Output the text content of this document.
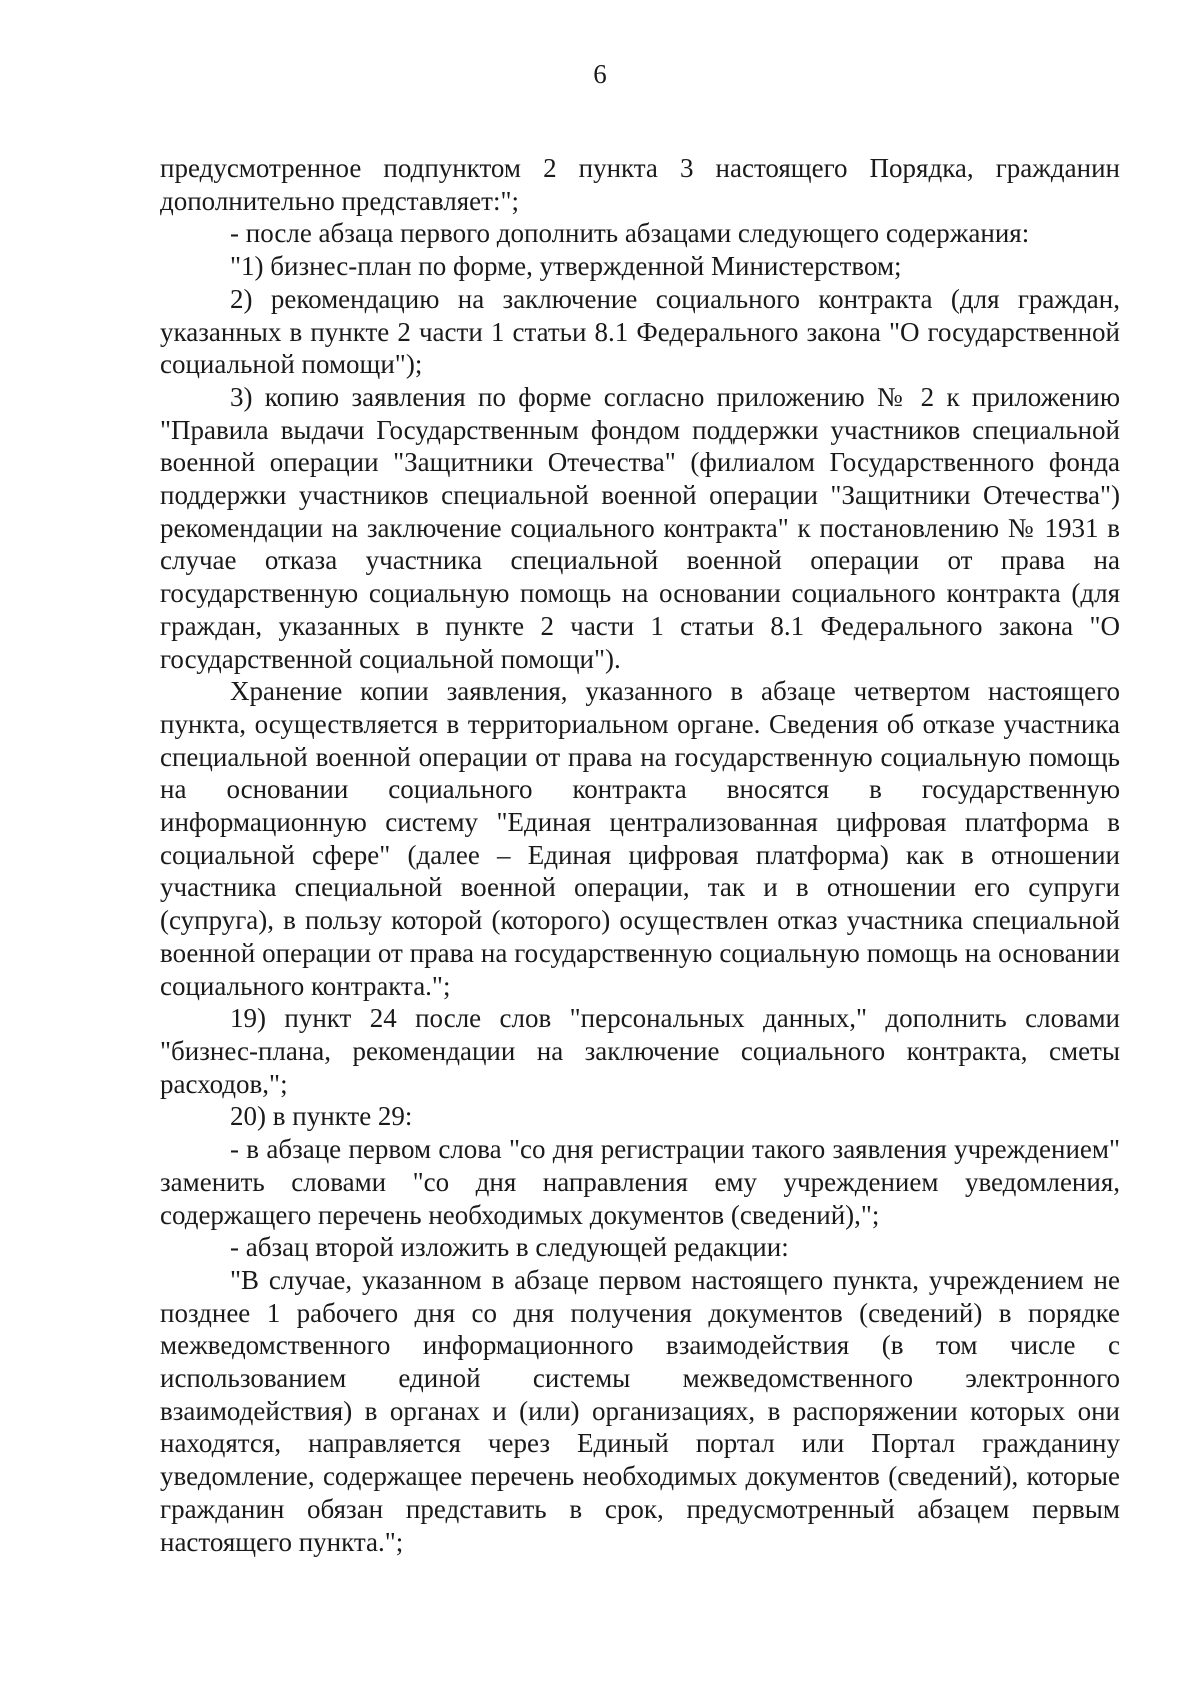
6

предусмотренное подпунктом 2 пункта 3 настоящего Порядка, гражданин дополнительно представляет:";

- после абзаца первого дополнить абзацами следующего содержания:

"1) бизнес-план по форме, утвержденной Министерством;

2) рекомендацию на заключение социального контракта (для граждан, указанных в пункте 2 части 1 статьи 8.1 Федерального закона "О государственной социальной помощи");

3) копию заявления по форме согласно приложению № 2 к приложению "Правила выдачи Государственным фондом поддержки участников специальной военной операции "Защитники Отечества" (филиалом Государственного фонда поддержки участников специальной военной операции "Защитники Отечества") рекомендации на заключение социального контракта" к постановлению № 1931 в случае отказа участника специальной военной операции от права на государственную социальную помощь на основании социального контракта (для граждан, указанных в пункте 2 части 1 статьи 8.1 Федерального закона "О государственной социальной помощи").

Хранение копии заявления, указанного в абзаце четвертом настоящего пункта, осуществляется в территориальном органе. Сведения об отказе участника специальной военной операции от права на государственную социальную помощь на основании социального контракта вносятся в государственную информационную систему "Единая централизованная цифровая платформа в социальной сфере" (далее – Единая цифровая платформа) как в отношении участника специальной военной операции, так и в отношении его супруги (супруга), в пользу которой (которого) осуществлен отказ участника специальной военной операции от права на государственную социальную помощь на основании социального контракта.";

19) пункт 24 после слов "персональных данных," дополнить словами "бизнес-плана, рекомендации на заключение социального контракта, сметы расходов,";

20) в пункте 29:

- в абзаце первом слова "со дня регистрации такого заявления учреждением" заменить словами "со дня направления ему учреждением уведомления, содержащего перечень необходимых документов (сведений),";

- абзац второй изложить в следующей редакции:

"В случае, указанном в абзаце первом настоящего пункта, учреждением не позднее 1 рабочего дня со дня получения документов (сведений) в порядке межведомственного информационного взаимодействия (в том числе с использованием единой системы межведомственного электронного взаимодействия) в органах и (или) организациях, в распоряжении которых они находятся, направляется через Единый портал или Портал гражданину уведомление, содержащее перечень необходимых документов (сведений), которые гражданин обязан представить в срок, предусмотренный абзацем первым настоящего пункта.";
